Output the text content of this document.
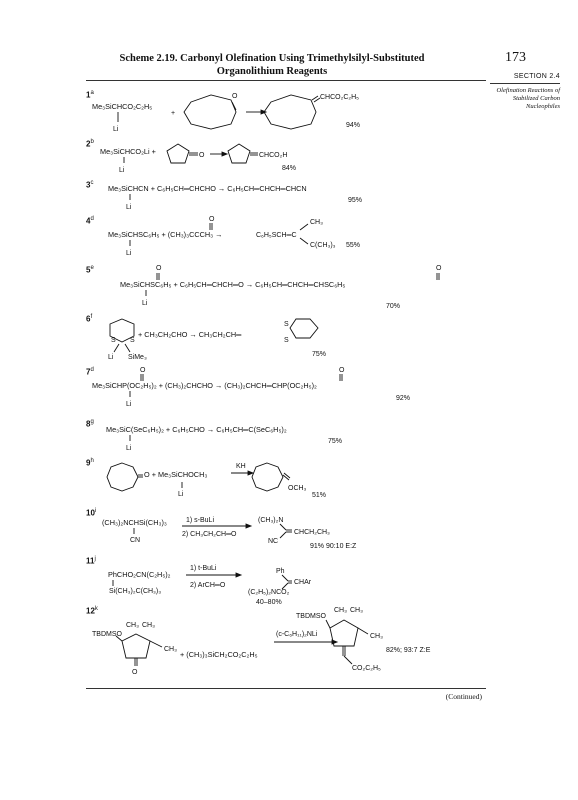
Scheme 2.19. Carbonyl Olefination Using Trimethylsilyl-Substituted Organolithium Reagents
173
SECTION 2.4
Olefination Reactions of Stabilized Carbon Nucleophiles
1$^a$
Me₃SiCHCO₂C₂H₅
Li
+
O	CHCO₂C₂H₅
94%
2$^b$
Me₃SiCHCO₂Li +
Li
O	CHCO₂H
84%
3$^c$
Me₃SiCHCN + C₆H₅CH═CHCHO → C₆H₅CH═CHCH═CHCN
Li
95%
4$^d$
Me₃SiCHSC₆H₅ + (CH₃)₃CCCH₃ →
O
Li
C₆H₅SCH═C
CH₃
C(CH₃)₃ 55%
5e
Me₃SiCHSC₆H₅ + C₆H₅CH═CHCH═O → C₆H₅CH═CHCH═CHSC₆H₅
O	O
Li	70%
$6^f$
+ CH₃CH₂CHO → CH₃CH₂CH═
S S
Li SiMe₃
S
S
75%
7$^d$
Me₃SiCHP(OC₂H₅)₂ + (CH₃)₂CHCHO → (CH₃)₂CHCH═CHP(OC₂H₅)₂
O	O
Li
92%
8$^g$
Me₃SiC(SeC₆H₅)₂ + C₆H₅CHO → C₆H₅CH═C(SeC₆H₅)₂
Li
75%
9$^h$
O + Me₃SiCHOCH₃
Li
KH
OCH₃
51%
10$^i$
(CH₃)₂NCHSi(CH₃)₃
CN
1) s-BuLi
2) CH₃CH₂CH═O
(CH₃)₂N
CHCH₂CH₃
NC
91% 90:10 E:Z
11$^j$
PhCHO₂CN(C₂H₅)₂
Si(CH₃)₂C(CH₃)₃
1) t-BuLi
2) ArCH═O
Ph
CHAr
(C₂H₅)₂NCO₂
40–80%
$12^k$
+ (CH₃)₃SiCH₂CO₂C₂H₅
TBDMSO
CH₃ CH₃
CH₃
O
(c-C₆H₁₁)₂NLi
TBDMSO
CH₃ CH₃
CH₃
CO₂C₂H₅
82%; 93:7 Z:E
(Continued)
